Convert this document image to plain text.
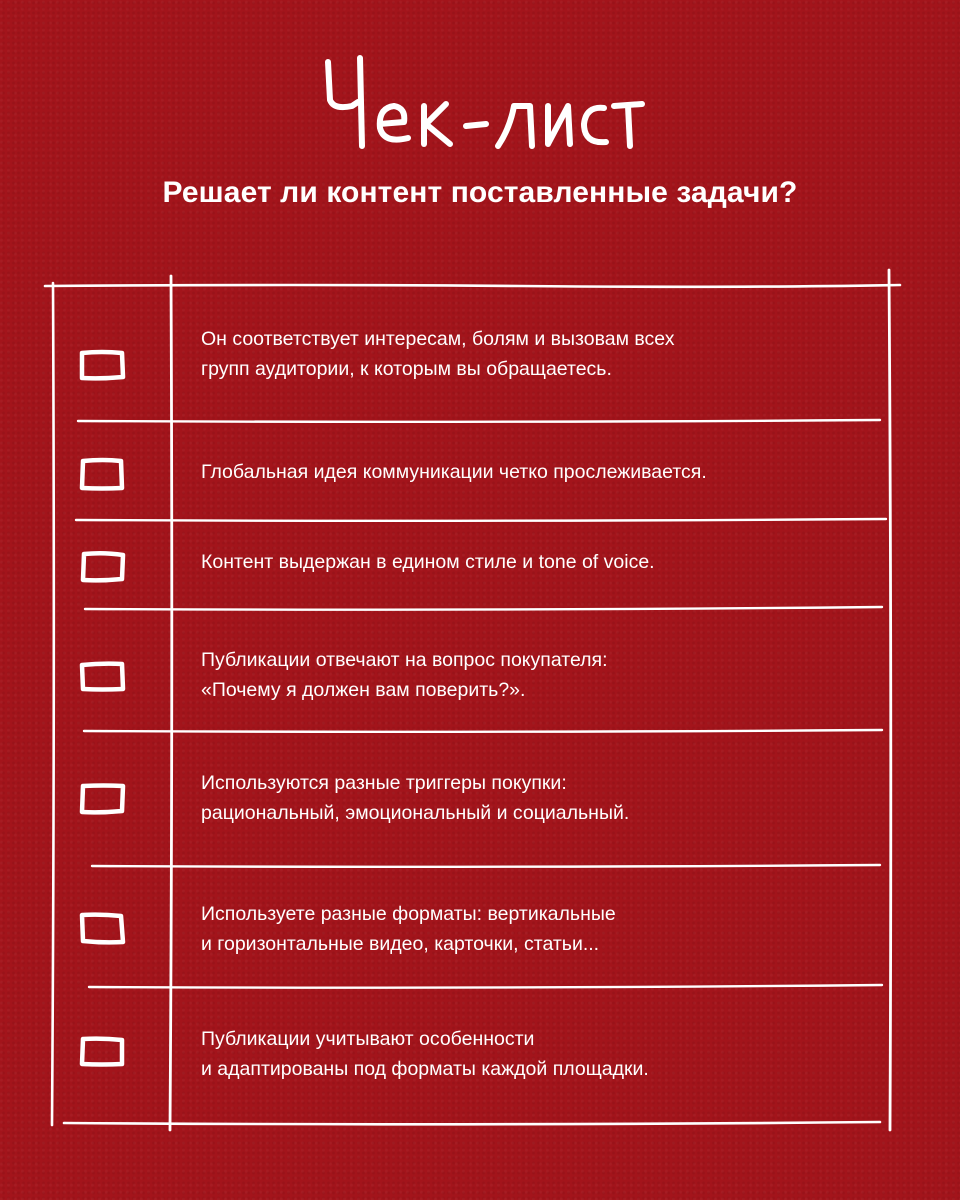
Решает ли контент поставленные задачи?
Он соответствует интересам, болям и вызовам всех
групп аудитории, к которым вы обращаетесь.
Глобальная идея коммуникации четко прослеживается.
Контент выдержан в едином стиле и tone of voice.
Публикации отвечают на вопрос покупателя:
«Почему я должен вам поверить?».
Используются разные триггеры покупки:
рациональный, эмоциональный и социальный.
Используете разные форматы: вертикальные
и горизонтальные видео, карточки, статьи...
Публикации учитывают особенности
и адаптированы под форматы каждой площадки.
